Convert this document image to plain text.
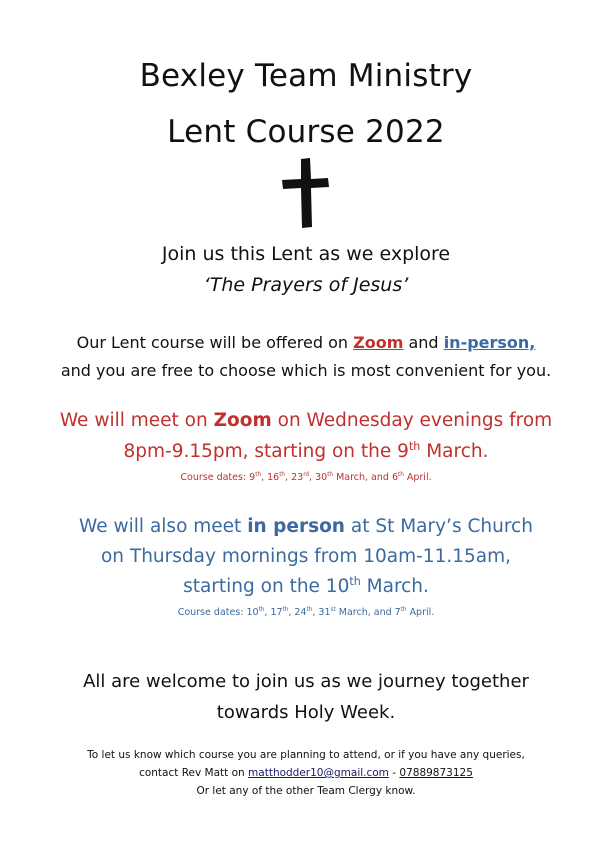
Bexley Team Ministry
Lent Course 2022
Join us this Lent as we explore
‘The Prayers of Jesus’
Our Lent course will be offered on Zoom and in-person,
and you are free to choose which is most convenient for you.
We will meet on Zoom on Wednesday evenings from
8pm-9.15pm, starting on the 9th March.
Course dates: 9th, 16th, 23rd, 30th March, and 6th April.
We will also meet in person at St Mary’s Church
on Thursday mornings from 10am-11.15am,
starting on the 10th March.
Course dates: 10th, 17th, 24th, 31st March, and 7th April.
All are welcome to join us as we journey together
towards Holy Week.
To let us know which course you are planning to attend, or if you have any queries,
contact Rev Matt on matthodder10@gmail.com - 07889873125
Or let any of the other Team Clergy know.
